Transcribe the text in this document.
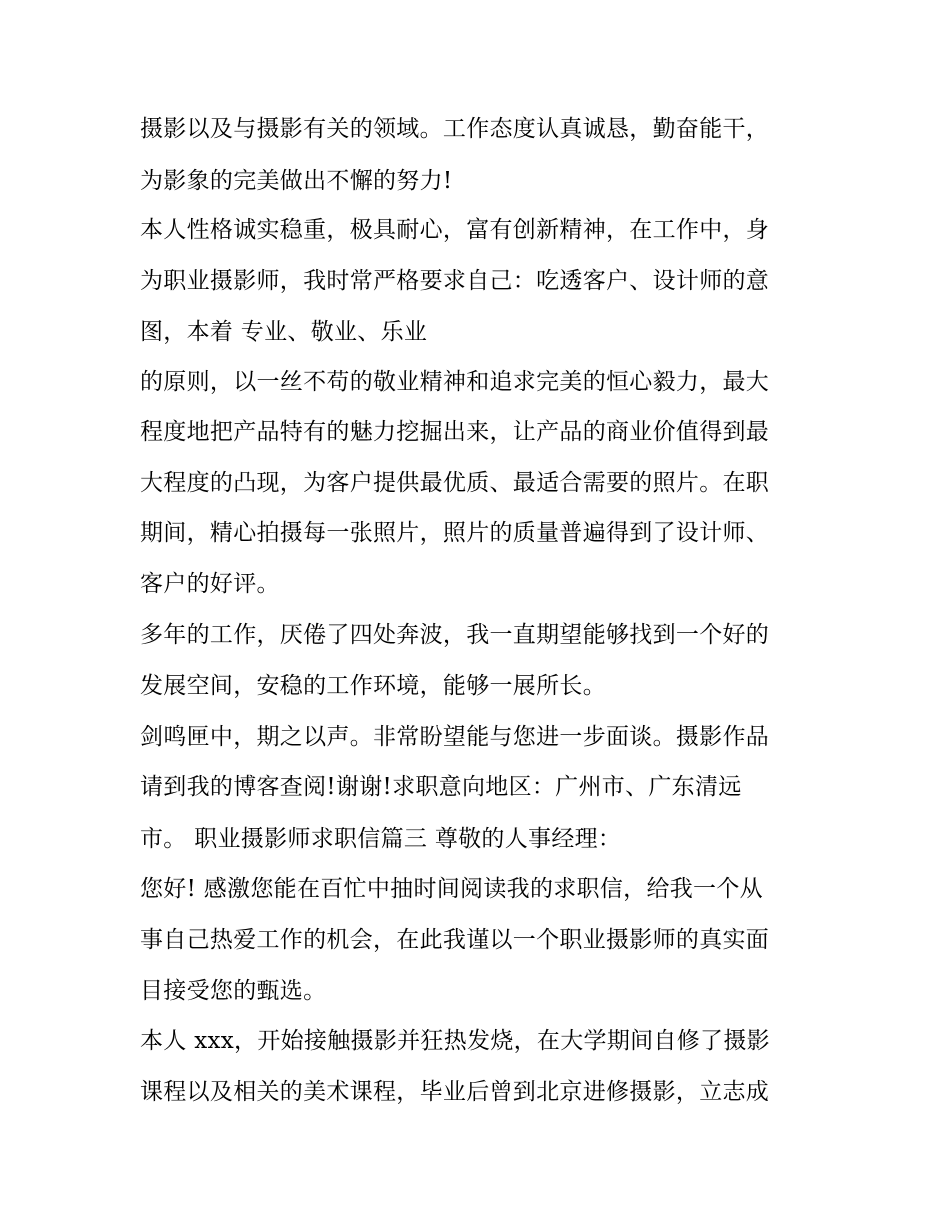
摄影以及与摄影有关的领域。工作态度认真诚恳，勤奋能干，
为影象的完美做出不懈的努力!
本人性格诚实稳重，极具耐心，富有创新精神，在工作中，身
为职业摄影师，我时常严格要求自己：吃透客户、设计师的意
图，本着 专业、敬业、乐业
的原则，以一丝不苟的敬业精神和追求完美的恒心毅力，最大
程度地把产品特有的魅力挖掘出来，让产品的商业价值得到最
大程度的凸现，为客户提供最优质、最适合需要的照片。在职
期间，精心拍摄每一张照片，照片的质量普遍得到了设计师、
客户的好评。
多年的工作，厌倦了四处奔波，我一直期望能够找到一个好的
发展空间，安稳的工作环境，能够一展所长。
剑鸣匣中，期之以声。非常盼望能与您进一步面谈。摄影作品
请到我的博客查阅!谢谢!求职意向地区：广州市、广东清远
市。 职业摄影师求职信篇三 尊敬的人事经理：
您好! 感激您能在百忙中抽时间阅读我的求职信，给我一个从
事自己热爱工作的机会，在此我谨以一个职业摄影师的真实面
目接受您的甄选。
本人 xxx，开始接触摄影并狂热发烧，在大学期间自修了摄影
课程以及相关的美术课程，毕业后曾到北京进修摄影，立志成
